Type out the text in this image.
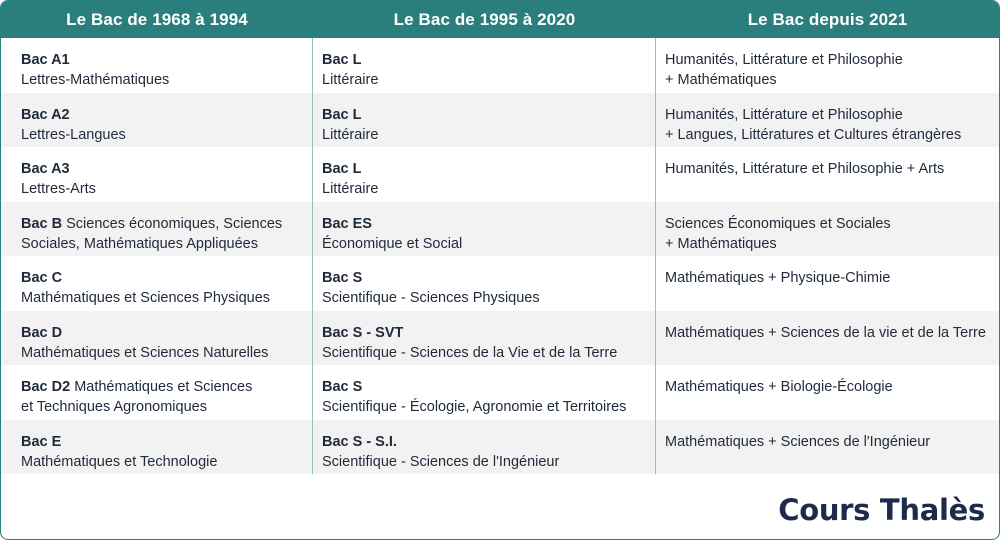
Le Bac de 1968 à 1994	Le Bac de 1995 à 2020	Le Bac depuis 2021
Bac A1
Lettres-Mathématiques
Bac L
Littéraire
Humanités, Littérature et Philosophie
+ Mathématiques
Bac A2
Lettres-Langues
Bac L
Littéraire
Humanités, Littérature et Philosophie
+ Langues, Littératures et Cultures étrangères
Bac A3
Lettres-Arts
Bac L
Littéraire
Humanités, Littérature et Philosophie + Arts
Bac B Sciences économiques, Sciences
Sociales, Mathématiques Appliquées
Bac ES
Économique et Social
Sciences Économiques et Sociales
+ Mathématiques
Bac C
Mathématiques et Sciences Physiques
Bac S
Scientifique - Sciences Physiques
Mathématiques + Physique-Chimie
Bac D
Mathématiques et Sciences Naturelles
Bac S - SVT
Scientifique - Sciences de la Vie et de la Terre
Mathématiques + Sciences de la vie et de la Terre
Bac D2 Mathématiques et Sciences
et Techniques Agronomiques
Bac S
Scientifique - Écologie, Agronomie et Territoires
Mathématiques + Biologie-Écologie
Bac E
Mathématiques et Technologie
Bac S - S.I.
Scientifique - Sciences de l'Ingénieur
Mathématiques + Sciences de l'Ingénieur
Cours Thalès
